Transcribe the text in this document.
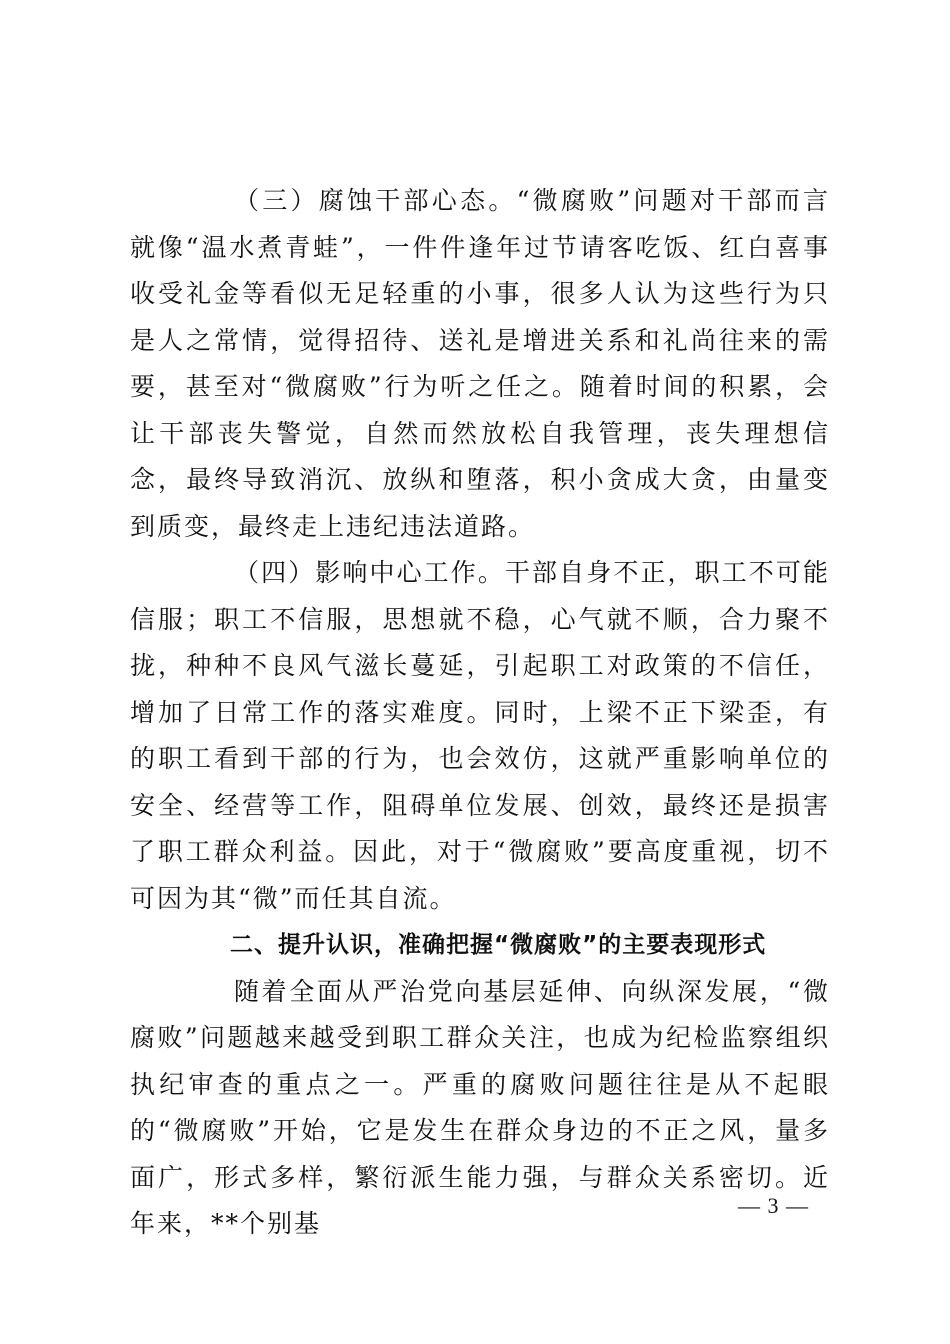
（三）腐蚀干部心态。“微腐败”问题对干部而言就像“温水煮青蛙”，一件件逢年过节请客吃饭、红白喜事收受礼金等看似无足轻重的小事，很多人认为这些行为只是人之常情，觉得招待、送礼是增进关系和礼尚往来的需要，甚至对“微腐败”行为听之任之。随着时间的积累，会让干部丧失警觉，自然而然放松自我管理，丧失理想信念，最终导致消沉、放纵和堕落，积小贪成大贪，由量变到质变，最终走上违纪违法道路。

（四）影响中心工作。干部自身不正，职工不可能信服；职工不信服，思想就不稳，心气就不顺，合力聚不拢，种种不良风气滋长蔓延，引起职工对政策的不信任，增加了日常工作的落实难度。同时，上梁不正下梁歪，有的职工看到干部的行为，也会效仿，这就严重影响单位的安全、经营等工作，阻碍单位发展、创效，最终还是损害了职工群众利益。因此，对于“微腐败”要高度重视，切不可因为其“微”而任其自流。

二、提升认识，准确把握“微腐败”的主要表现形式

随着全面从严治党向基层延伸、向纵深发展，“微腐败”问题越来越受到职工群众关注，也成为纪检监察组织执纪审查的重点之一。严重的腐败问题往往是从不起眼的“微腐败”开始，它是发生在群众身边的不正之风，量多面广，形式多样，繁衍派生能力强，与群众关系密切。近年来，**个别基

— 3 —
